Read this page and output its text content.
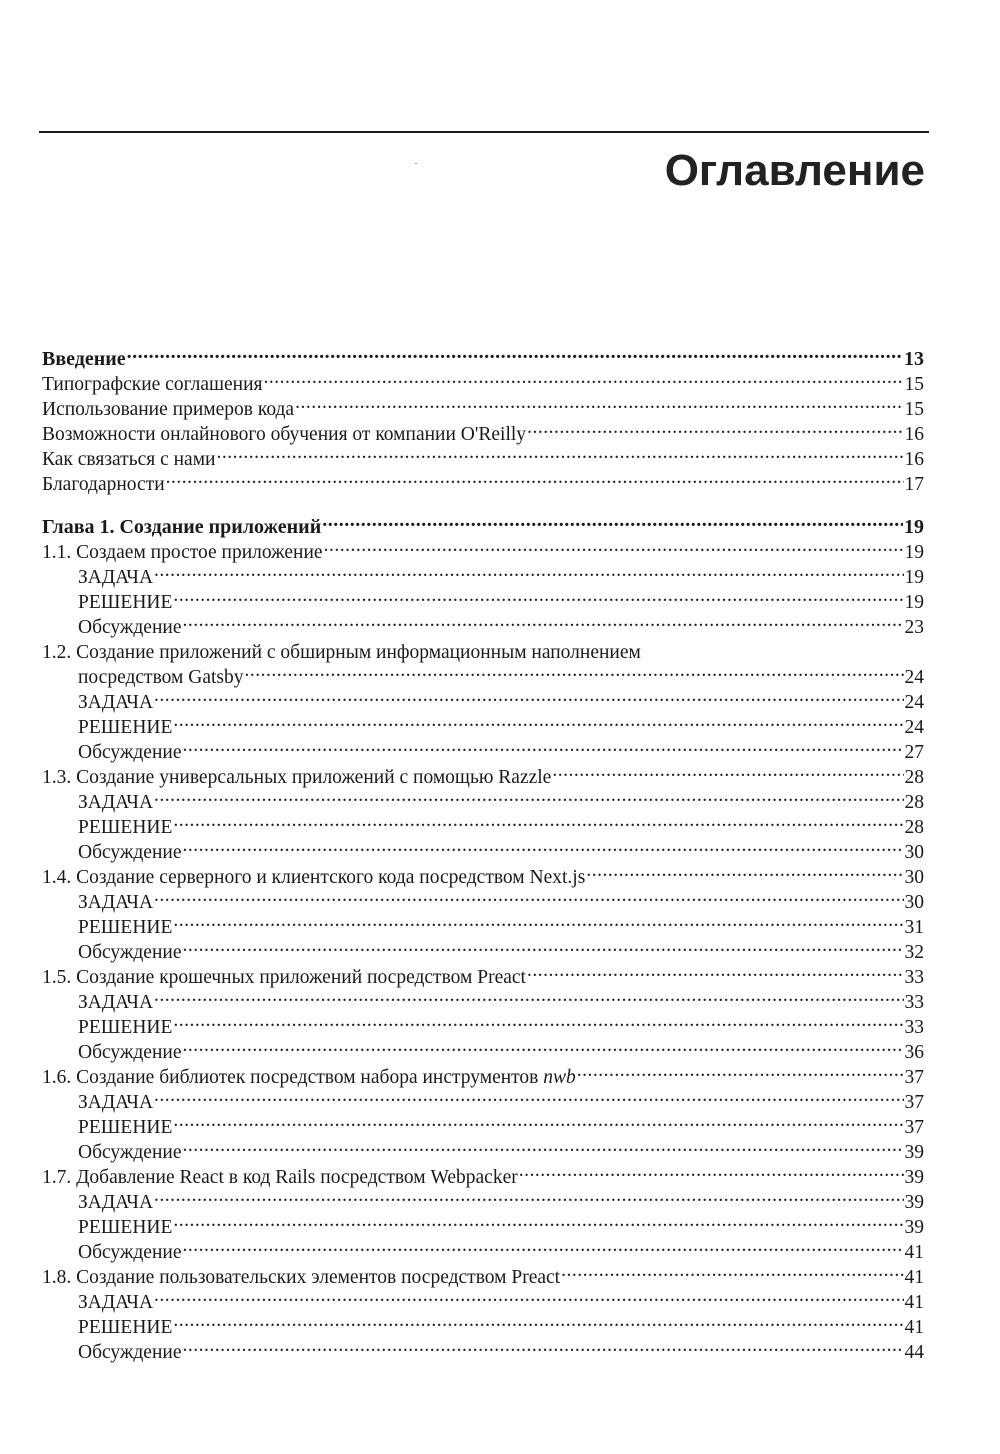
Оглавление
Введение .....	13
Типографские соглашения .....	15
Использование примеров кода .....	15
Возможности онлайнового обучения от компании O'Reilly .....	16
Как связаться с нами .....	16
Благодарности .....	17
Глава 1. Создание приложений .....	19
1.1. Создаем простое приложение .....	19
ЗАДАЧА .....	19
РЕШЕНИЕ .....	19
Обсуждение .....	23
1.2. Создание приложений с обширным информационным наполнением
посредством Gatsby .....	24
ЗАДАЧА .....	24
РЕШЕНИЕ .....	24
Обсуждение .....	27
1.3. Создание универсальных приложений с помощью Razzle .....	28
ЗАДАЧА .....	28
РЕШЕНИЕ .....	28
Обсуждение .....	30
1.4. Создание серверного и клиентского кода посредством Next.js .....	30
ЗАДАЧА .....	30
РЕШЕНИЕ .....	31
Обсуждение .....	32
1.5. Создание крошечных приложений посредством Preact .....	33
ЗАДАЧА .....	33
РЕШЕНИЕ .....	33
Обсуждение .....	36
1.6. Создание библиотек посредством набора инструментов nwb .....	37
ЗАДАЧА .....	37
РЕШЕНИЕ .....	37
Обсуждение .....	39
1.7. Добавление React в код Rails посредством Webpacker .....	39
ЗАДАЧА .....	39
РЕШЕНИЕ .....	39
Обсуждение .....	41
1.8. Создание пользовательских элементов посредством Preact .....	41
ЗАДАЧА .....	41
РЕШЕНИЕ .....	41
Обсуждение .....	44
